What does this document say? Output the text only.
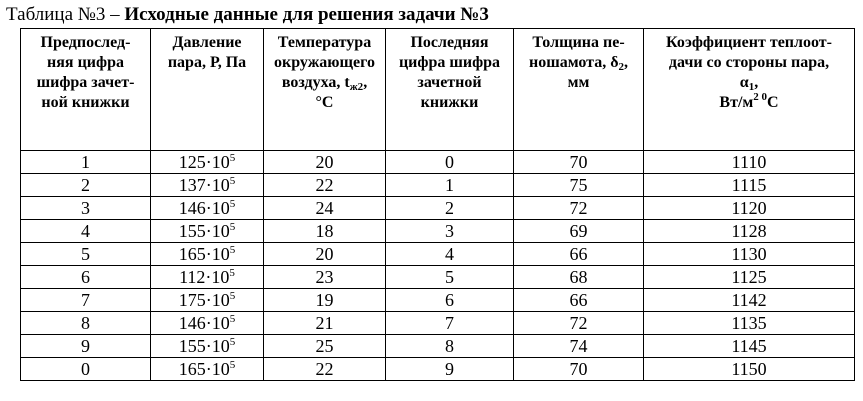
Таблица №3 – Исходные данные для решения задачи №3
Предпослед-
няя цифра
шифра зачет-
ной книжки	Давление
пара, Р, Па	Температура
окружающего
воздуха, $t_{ж2}$,
°С	Последняя
цифра шифра
зачетной
книжки	Толщина пе-
ношамота, $\delta_2$,
мм	Коэффициент теплоот-
дачи со стороны пара,
$\alpha_1$,
$Вт/м^{2 0}С$

1	$125\cdot 10^5$	20	0	70	1110
2	$137\cdot 10^5$	22	1	75	1115
3	$146\cdot 10^5$	24	2	72	1120
4	$155\cdot 10^5$	18	3	69	1128
5	$165\cdot 10^5$	20	4	66	1130
6	$112\cdot 10^5$	23	5	68	1125
7	$175\cdot 10^5$	19	6	66	1142
8	$146\cdot 10^5$	21	7	72	1135
9	$155\cdot 10^5$	25	8	74	1145
0	$165\cdot 10^5$	22	9	70	1150
